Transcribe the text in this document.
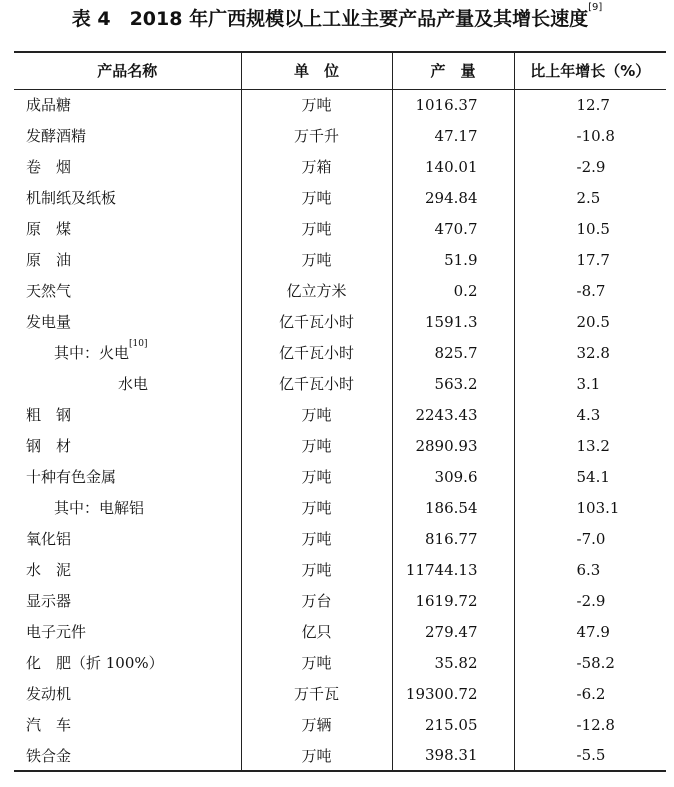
表 4　2018 年广西规模以上工业主要产品产量及其增长速度[9]
产品名称	单　位	产　量	比上年增长（%）
成品糖	万吨	1016.37	12.7
发酵酒精	万千升	47.17	-10.8
卷　烟	万箱	140.01	-2.9
机制纸及纸板	万吨	294.84	2.5
原　煤	万吨	470.7	10.5
原　油	万吨	51.9	17.7
天然气	亿立方米	0.2	-8.7
发电量	亿千瓦小时	1591.3	20.5
其中：火电[10]	亿千瓦小时	825.7	32.8
水电	亿千瓦小时	563.2	3.1
粗　钢	万吨	2243.43	4.3
钢　材	万吨	2890.93	13.2
十种有色金属	万吨	309.6	54.1
其中：电解铝	万吨	186.54	103.1
氧化铝	万吨	816.77	-7.0
水　泥	万吨	11744.13	6.3
显示器	万台	1619.72	-2.9
电子元件	亿只	279.47	47.9
化　肥（折 100%）	万吨	35.82	-58.2
发动机	万千瓦	19300.72	-6.2
汽　车	万辆	215.05	-12.8
铁合金	万吨	398.31	-5.5
